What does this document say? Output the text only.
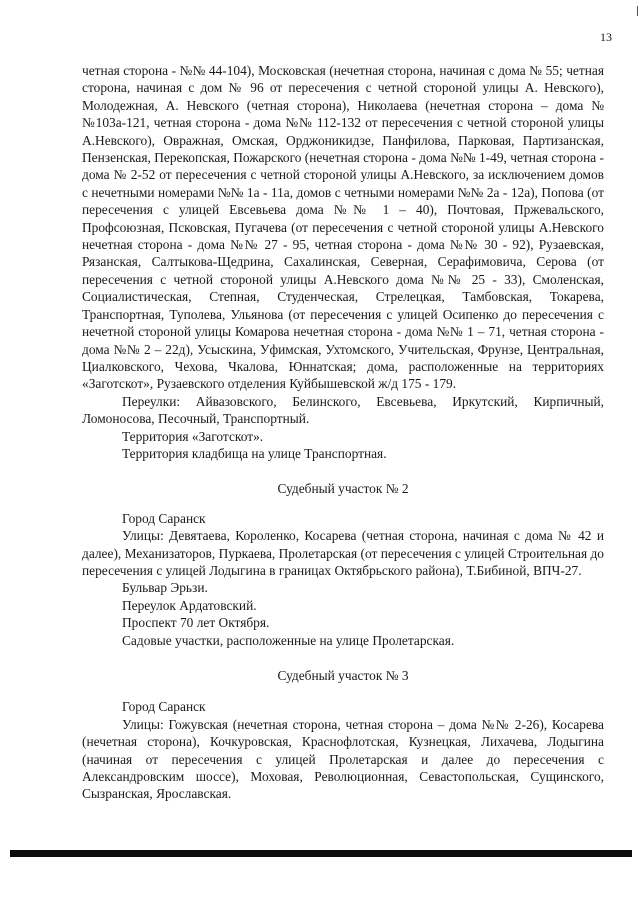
13

четная сторона - №№ 44-104), Московская (нечетная сторона, начиная с дома № 55; четная сторона, начиная с дом № 96 от пересечения с четной стороной улицы А. Невского), Молодежная, А. Невского (четная сторона), Николаева (нечетная сторона – дома №№103а-121, четная сторона - дома №№ 112-132 от пересечения с четной стороной улицы А.Невского), Овражная, Омская, Орджоникидзе, Панфилова, Парковая, Партизанская, Пензенская, Перекопская, Пожарского (нечетная сторона - дома №№ 1-49, четная сторона - дома № 2-52 от пересечения с четной стороной улицы А.Невского, за исключением домов с нечетными номерами №№ 1а - 11а, домов с четными номерами №№ 2а - 12а), Попова (от пересечения с улицей Евсевьева дома №№ 1 – 40), Почтовая, Пржевальского, Профсоюзная, Псковская, Пугачева (от пересечения с четной стороной улицы А.Невского нечетная сторона - дома №№ 27 - 95, четная сторона - дома №№ 30 - 92), Рузаевская, Рязанская, Салтыкова-Щедрина, Сахалинская, Северная, Серафимовича, Серова (от пересечения с четной стороной улицы А.Невского дома №№ 25 - 33), Смоленская, Социалистическая, Степная, Студенческая, Стрелецкая, Тамбовская, Токарева, Транспортная, Туполева, Ульянова (от пересечения с улицей Осипенко до пересечения с нечетной стороной улицы Комарова нечетная сторона - дома №№ 1 – 71, четная сторона - дома №№ 2 – 22д), Усыскина, Уфимская, Ухтомского, Учительская, Фрунзе, Центральная, Циалковского, Чехова, Чкалова, Юннатская; дома, расположенные на территориях «Заготскот», Рузаевского отделения Куйбышевской ж/д 175 - 179.

Переулки: Айвазовского, Белинского, Евсевьева, Иркутский, Кирпичный, Ломоносова, Песочный, Транспортный.

Территория «Заготскот».

Территория кладбища на улице Транспортная.

Судебный участок № 2

Город Саранск

Улицы: Девятаева, Короленко, Косарева (четная сторона, начиная с дома № 42 и далее), Механизаторов, Пуркаева, Пролетарская (от пересечения с улицей Строительная до пересечения с улицей Лодыгина в границах Октябрьского района), Т.Бибиной, ВПЧ-27.

Бульвар Эрьзи.

Переулок Ардатовский.

Проспект 70 лет Октября.

Садовые участки, расположенные на улице Пролетарская.

Судебный участок № 3

Город Саранск

Улицы: Гожувская (нечетная сторона, четная сторона – дома №№ 2-26), Косарева (нечетная сторона), Кочкуровская, Краснофлотская, Кузнецкая, Лихачева, Лодыгина (начиная от пересечения с улицей Пролетарская и далее до пересечения с Александровским шоссе), Моховая, Революционная, Севастопольская, Сущинского, Сызранская, Ярославская.
